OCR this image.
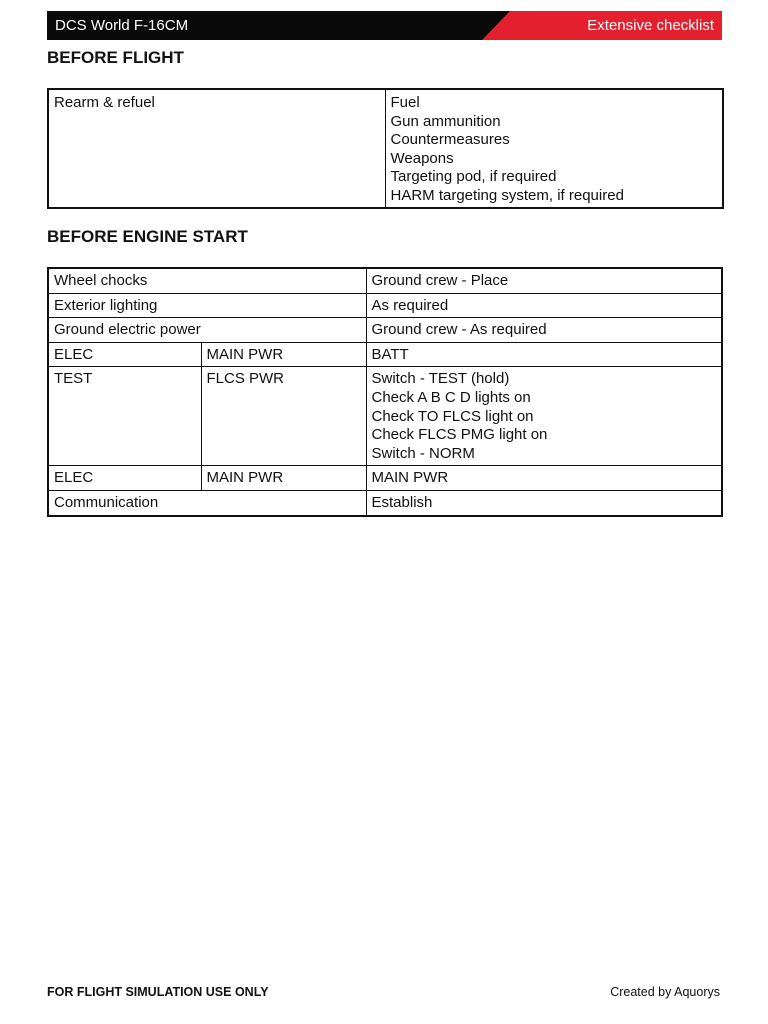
DCS World F-16CM	Extensive checklist
BEFORE FLIGHT
Rearm & refuel	Fuel
Gun ammunition
Countermeasures
Weapons
Targeting pod, if required
HARM targeting system, if required
BEFORE ENGINE START
Wheel chocks		Ground crew - Place
Exterior lighting		As required
Ground electric power		Ground crew - As required
ELEC	MAIN PWR	BATT
TEST	FLCS PWR	Switch - TEST (hold)
Check A B C D lights on
Check TO FLCS light on
Check FLCS PMG light on
Switch - NORM

ELEC	MAIN PWR	MAIN PWR
Communication		Establish
FOR FLIGHT SIMULATION USE ONLY	Created by Aquorys
